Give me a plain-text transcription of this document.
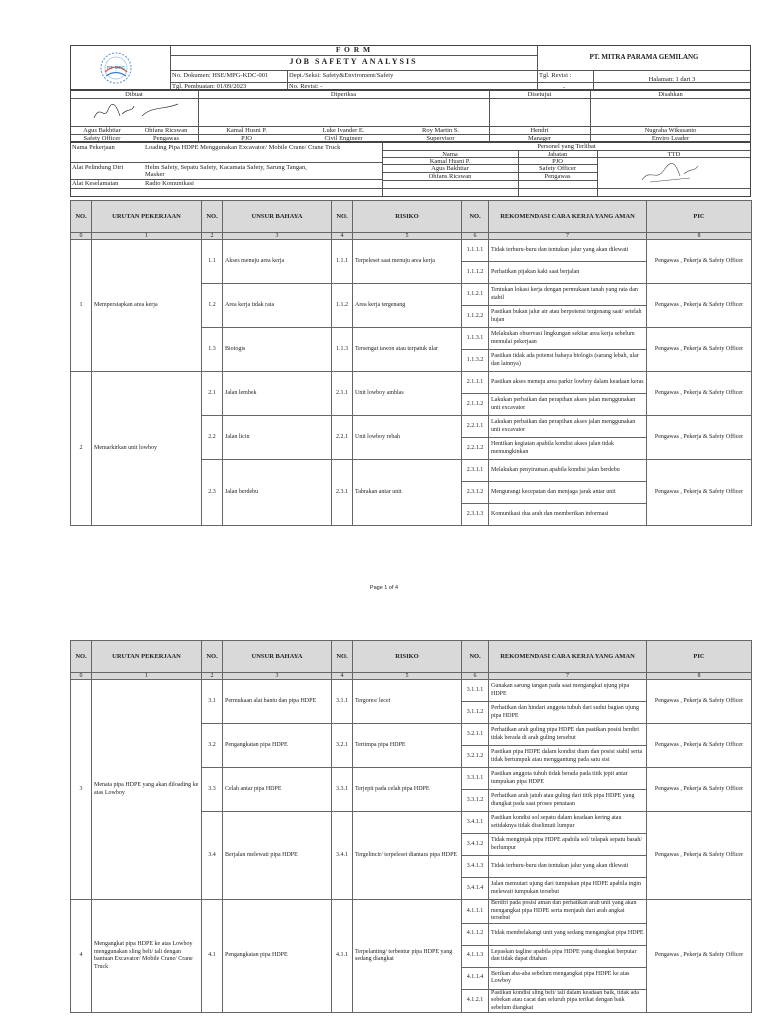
PT. MPG
F O R M
JOB SAFETY ANALYSIS	PT. MITRA PARAMA GEMILANG
No. Dokumen: HSE/MPG-KDC-001	Dept./Seksi: Safety&Enviroment/Safety	Tgl. Revisi :
-
Halaman: 1 dari 3
Tgl. Pembuatan: 01/09/2023	No. Revisi: -
Dibuat	Diperiksa	Disetujui	Disahkan
Agus Bakhtiar	Ohfans Ricswan	Kamal Husni P.	Luke Ivander E.	Roy Martin S.	Hendri	Nugraha Wikusanto
Safety Officer	Pengawas	PJO	Civil Engineer	Supervisor	Manager	Enviro Leader
Nama Pekerjaan	Loading Pipa HDPE Menggunakan Excavator/ Mobile Crane/ Crane Truck
Alat Pelindung Diri	Helm Safety, Sepatu Safety, Kacamata Safety, Sarung Tangan, Masker
Alat Keselamatan	Radio Komunikasi
Personel yang Terlibat
Nama	Jabatan	TTD
Kamal Husni P.	PJO
Agus Bakhtiar	Safety Officer
Ohfans Ricswan	Pengawas
NO.	URUTAN PEKERJAAN	NO.	UNSUR BAHAYA	NO.	RISIKO	NO.	REKOMENDASI CARA KERJA YANG AMAN	PIC
0	1	2	3	4	5	6	7	8
1	Mempersiapkan area kerja	1.1	Akses menuju area kerja	1.1.1	Terpeleset saat menuju area kerja	1.1.1.1	Tidak terburu-buru dan tentukan jalur yang akan dilewati	Pengawas , Pekerja & Safety Officer
						1.1.1.2	Perhatikan pijakan kaki saat berjalan	
		1.2	Area kerja tidak rata	1.1.2	Area kerja tergenang	1.1.2.1	Tentukan lokasi kerja dengan permukaan tanah yang rata dan stabil	Pengawas , Pekerja & Safety Officer
						1.1.2.2	Pastikan bukan jalur air atau berpotensi tergenang saat/ setelah hujan	
		1.3	Biotogis	1.1.3	Tersengat tawon atau terpatuk ular	1.1.3.1	Melakukan observasi lingkungan sekitar area kerja sebelum memulai pekerjaan	Pengawas , Pekerja & Safety Officer
						1.1.3.2	Pastikan tidak ada potensi bahaya biologis (sarang lebah, ular dan lainnya)	
2	Memarkirkan unit lowboy	2.1	Jalan lembek	2.1.1	Unit lowboy amblas	2.1.1.1	Pastikan akses menuju area parkir lowboy dalam keadaan keras	Pengawas , Pekerja & Safety Officer
						2.1.1.2	Lakukan perbaikan dan perapihan akses jalan menggunakan unit excavator	
		2.2	Jalan licin	2.2.1	Unit lowboy rebah	2.2.1.1	Lakukan perbaikan dan perapihan akses jalan menggunakan unit excavator	Pengawas , Pekerja & Safety Officer
						2.2.1.2	Hentikan kegiatan apabila kondisi akses jalan tidak memungkinkan	
		2.3	Jalan berdebu	2.3.1	Tabrakan antar unit	2.3.1.1	Melakukan penyiraman apabila kondisi jalan berdebu	Pengawas , Pekerja & Safety Officer
						2.3.1.2	Mengurangi kecepatan dan menjaga jarak antar unit	
						2.3.1.3	Komunikasi dua arah dan memberikan informasi	
Page 1 of 4
NO.	URUTAN PEKERJAAN	NO.	UNSUR BAHAYA	NO.	RISIKO	NO.	REKOMENDASI CARA KERJA YANG AMAN	PIC
0	1	2	3	4	5	6	7	8
3	Menata pipa HDPE yang akan diloading ke atas Lowboy	3.1	Permukaan alat bantu dan pipa HDPE	3.1.1	Tergores/ lecet	3.1.1.1	Gunakan sarung tangan pada saat mengangkat ujung pipa HDPE	Pengawas , Pekerja & Safety Officer
						3.1.1.2	Perhatikan dan hindari anggota tubuh dari sudut bagian ujung pipa HDPE	
		3.2	Pengangkatan pipa HDPE	3.2.1	Tertimpa pipa HDPE	3.2.1.1	Perhatikan arah guling pipa HDPE dan pastikan posisi berdiri tidak berada di arah guling tersebut	Pengawas , Pekerja & Safety Officer
						3.2.1.2	Pastikan pipa HDPE dalam kondisi diam dan posisi stabil serta tidak bertumpuk atau menggantung pada satu sisi	
		3.3	Celah antar pipa HDPE	3.3.1	Terjepit pada celah pipa HDPE	3.3.1.1	Pastikan anggota tubuh tidak berada pada titik jepit antar tumpukan pipa HDPE	Pengawas , Pekerja & Safety Officer
						3.3.1.2	Perhatikan arah jatuh atau guling dari titik pipa HDPE yang diangkat pada saat proses penataan	
		3.4	Berjalan melewati pipa HDPE	3.4.1	Tergelincir/ terpeleset diantara pipa HDPE	3.4.1.1	Pastikan kondisi sol sepatu dalam keadaan kering atau setidaknya tidak diselimuti lumpur	Pengawas , Pekerja & Safety Officer
						3.4.1.2	Tidak menginjak pipa HDPE apabila sol/ telapak sepatu basah/ berlumpur	
						3.4.1.3	Tidak terburu-buru dan tentukan jalur yang akan dilewati	
						3.4.1.4	Jalan memutari ujung dari tumpukan pipa HDPE apabila ingin melewati tumpukan tersebut	
4	Mengangkat pipa HDPE ke atas Lowboy menggunakan sling belt/ tali dengan bantuan Excavator/ Mobile Crane/ Crane Truck	4.1	Pengangkatan pipa HDPE	4.1.1	Terpelanting/ terbentur pipa HDPE yang sedang diangkat	4.1.1.1	Berdiri pada posisi aman dan perhatikan arah unit yang akan mengangkat pipa HDPE serta menjauh dari arah angkat tersebut	Pengawas , Pekerja & Safety Officer
						4.1.1.2	Tidak membelakangi unit yang sedang mengangkat pipa HDPE	
						4.1.1.3	Lepaskan tagline apabila pipa HDPE yang diangkat berputar dan tidak dapat ditahan	
						4.1.1.4	Berikan aba-aba sebelum mengangkat pipa HDPE ke atas Lowboy	
						4.1.2.1	Pastikan kondisi sling belt/ tali dalam keadaan baik, tidak ada sobekan atau cacat dan seluruh pipa terikat dengan baik sebelum diangkat	
